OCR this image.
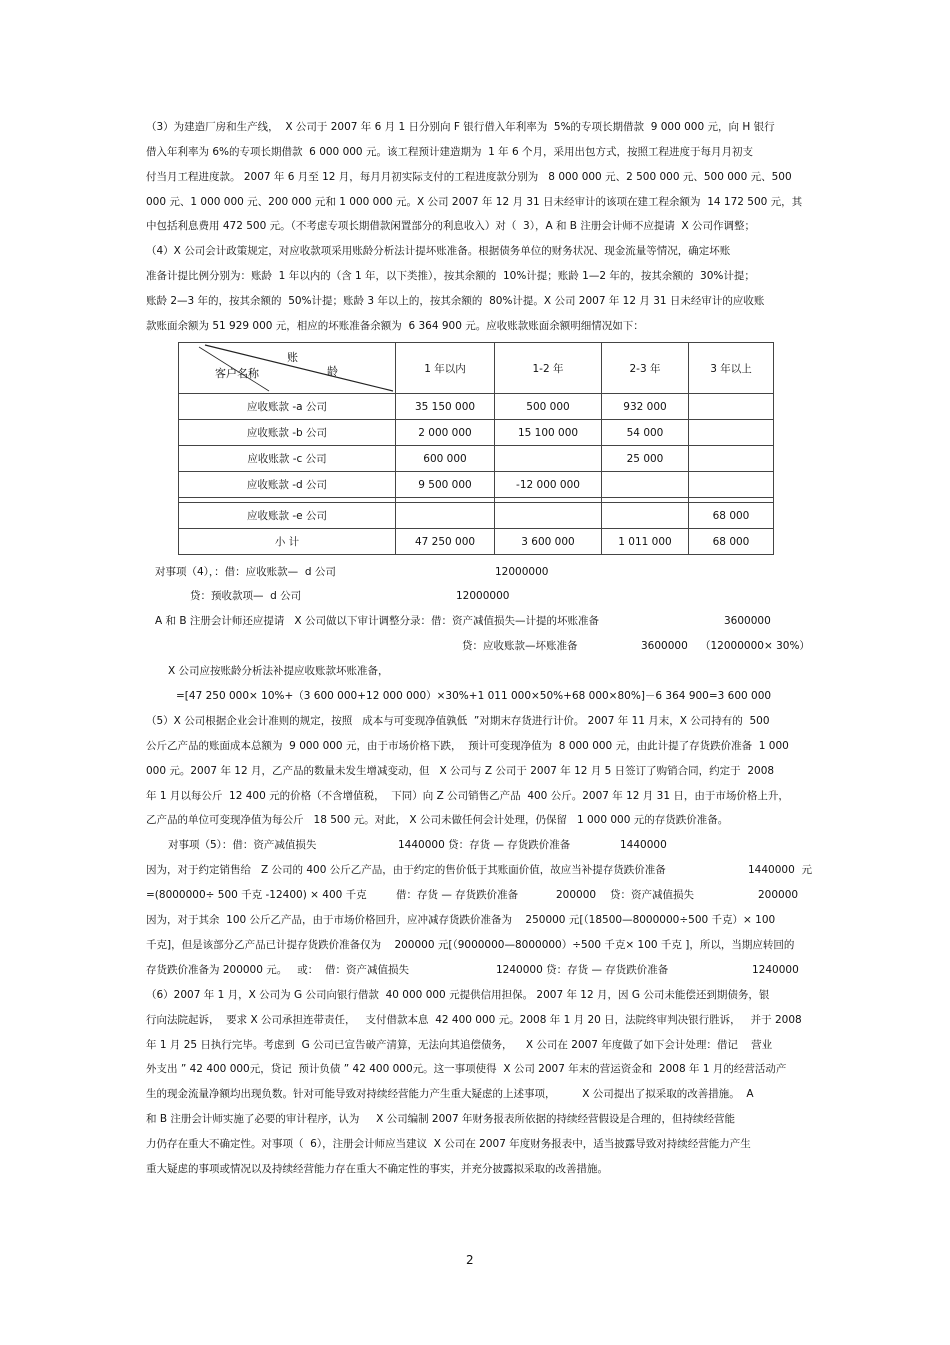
（3）为建造厂房和生产线，  X 公司于 2007 年 6 月 1 日分别向 F 银行借入年利率为  5%的专项长期借款  9 000 000 元，向 H 银行
借入年利率为 6%的专项长期借款  6 000 000 元。该工程预计建造期为  1 年 6 个月，采用出包方式，按照工程进度于每月月初支
付当月工程进度款。 2007 年 6 月至 12 月，每月月初实际支付的工程进度款分别为   8 000 000 元、2 500 000 元、500 000 元、500
000 元、1 000 000 元、200 000 元和 1 000 000 元。X 公司 2007 年 12 月 31 日未经审计的该项在建工程余额为  14 172 500 元，其
中包括利息费用 472 500 元。（不考虑专项长期借款闲置部分的利息收入）对（  3），A 和 B 注册会计师不应提请  X 公司作调整；
（4）X 公司会计政策规定，对应收款项采用账龄分析法计提坏账准备。根据债务单位的财务状况、现金流量等情况，确定坏账
准备计提比例分别为：账龄  1 年以内的（含 1 年，以下类推），按其余额的  10%计提；账龄 1—2 年的，按其余额的  30%计提；
账龄 2—3 年的，按其余额的  50%计提；账龄 3 年以上的，按其余额的  80%计提。X 公司 2007 年 12 月 31 日未经审计的应收账
款账面余额为 51 929 000 元，相应的坏账准备余额为  6 364 900 元。应收账款账面余额明细情况如下：
账
龄
客户名称	1 年以内	1-2 年	2-3 年	3 年以上
应收账款 -a 公司	35 150 000	500 000	932 000	
应收账款 -b 公司	2 000 000	15 100 000	54 000	
应收账款 -c 公司	600 000		25 000	
应收账款 -d 公司	9 500 000	-12 000 000		

应收账款 -e 公司				68 000
小 计	47 250 000	3 600 000	1 011 000	68 000
对事项（4），：借：应收账款—  d 公司	12000000
贷：预收款项—  d 公司	12000000
A 和 B 注册会计师还应提请   X 公司做以下审计调整分录：借：资产减值损失—计提的坏账准备	3600000
贷：应收账款—坏账准备	3600000 （12000000× 30%）
X 公司应按账龄分析法补提应收账款坏账准备，
=[47 250 000× 10%+（3 600 000+12 000 000）×30%+1 011 000×50%+68 000×80%]－6 364 900=3 600 000
（5）X 公司根据企业会计准则的规定，按照   成本与可变现净值孰低  ”对期末存货进行计价。 2007 年 11 月末，X 公司持有的  500
公斤乙产品的账面成本总额为  9 000 000 元，由于市场价格下跌，  预计可变现净值为  8 000 000 元，由此计提了存货跌价准备  1 000
000 元。2007 年 12 月，乙产品的数量未发生增减变动，但   X 公司与 Z 公司于 2007 年 12 月 5 日签订了购销合同，约定于  2008
年 1 月以每公斤  12 400 元的价格（不含增值税，  下同）向 Z 公司销售乙产品  400 公斤。2007 年 12 月 31 日，由于市场价格上升，
乙产品的单位可变现净值为每公斤   18 500 元。对此， X 公司未做任何会计处理，仍保留   1 000 000 元的存货跌价准备。
对事项（5）：借：资产减值损失	1440000 贷：存货 — 存货跌价准备	1440000
因为，对于约定销售给   Z 公司的 400 公斤乙产品，由于约定的售价低于其账面价值，故应当补提存货跌价准备	1440000  元
=(8000000÷ 500 千克 -12400) × 400 千克	借：存货 — 存货跌价准备	200000 贷：资产减值损失	200000
因为，对于其余  100 公斤乙产品，由于市场价格回升，应冲减存货跌价准备为    250000 元[（18500—8000000÷500 千克）× 100
千克]，但是该部分乙产品已计提存货跌价准备仅为    200000 元[（9000000—8000000）÷500 千克× 100 千克 ]，所以，当期应转回的
存货跌价准备为 200000 元。   或：  借：资产减值损失	1240000 贷：存货 — 存货跌价准备	1240000
（6）2007 年 1 月，X 公司为 G 公司向银行借款  40 000 000 元提供信用担保。 2007 年 12 月，因 G 公司未能偿还到期债务，银
行向法院起诉，  要求 X 公司承担连带责任，   支付借款本息  42 400 000 元。2008 年 1 月 20 日，法院终审判决银行胜诉，   并于 2008
年 1 月 25 日执行完毕。考虑到  G 公司已宣告破产清算，无法向其追偿债务，    X 公司在 2007 年度做了如下会计处理：借记    营业
外支出 ” 42 400 000元，贷记  预计负债 ” 42 400 000元。这一事项使得  X 公司 2007 年末的营运资金和  2008 年 1 月的经营活动产
生的现金流量净额均出现负数。针对可能导致对持续经营能力产生重大疑虑的上述事项，        X 公司提出了拟采取的改善措施。  A
和 B 注册会计师实施了必要的审计程序，认为     X 公司编制 2007 年财务报表所依据的持续经营假设是合理的，但持续经营能
力仍存在重大不确定性。对事项（  6），注册会计师应当建议  X 公司在 2007 年度财务报表中，适当披露导致对持续经营能力产生
重大疑虑的事项或情况以及持续经营能力存在重大不确定性的事实，并充分披露拟采取的改善措施。
2
